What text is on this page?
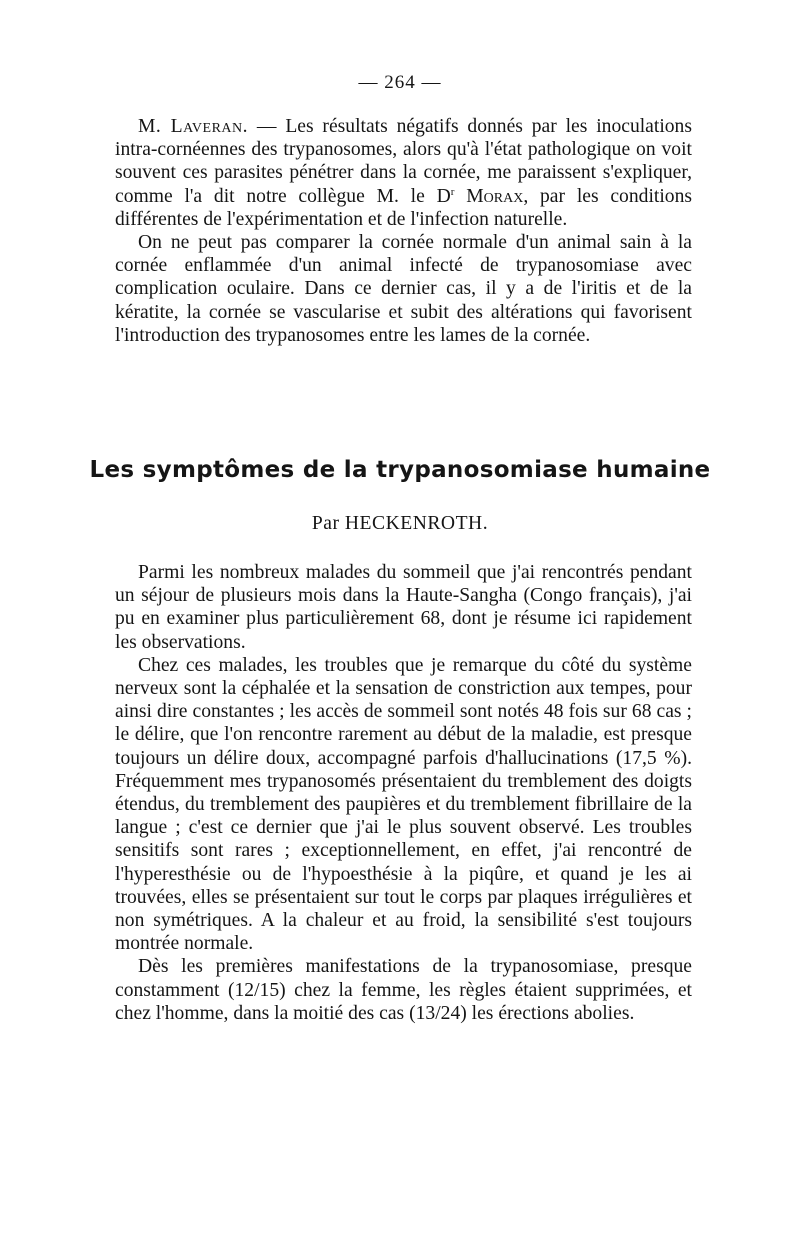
— 264 —

M. Laveran. — Les résultats négatifs donnés par les inoculations intra-cornéennes des trypanosomes, alors qu'à l'état pathologique on voit souvent ces parasites pénétrer dans la cornée, me paraissent s'expliquer, comme l'a dit notre collègue M. le $D^r$ Morax, par les conditions différentes de l'expérimentation et de l'infection naturelle.

On ne peut pas comparer la cornée normale d'un animal sain à la cornée enflammée d'un animal infecté de trypanosomiase avec complication oculaire. Dans ce dernier cas, il y a de l'iritis et de la kératite, la cornée se vascularise et subit des altérations qui favorisent l'introduction des trypanosomes entre les lames de la cornée.

Les symptômes de la trypanosomiase humaine
Par HECKENROTH.

Parmi les nombreux malades du sommeil que j'ai rencontrés pendant un séjour de plusieurs mois dans la Haute-Sangha (Congo français), j'ai pu en examiner plus particulièrement 68, dont je résume ici rapidement les observations.

Chez ces malades, les troubles que je remarque du côté du système nerveux sont la céphalée et la sensation de constriction aux tempes, pour ainsi dire constantes ; les accès de sommeil sont notés 48 fois sur 68 cas ; le délire, que l'on rencontre rarement au début de la maladie, est presque toujours un délire doux, accompagné parfois d'hallucinations (17,5 %). Fréquemment mes trypanosomés présentaient du tremblement des doigts étendus, du tremblement des paupières et du tremblement fibrillaire de la langue ; c'est ce dernier que j'ai le plus souvent observé. Les troubles sensitifs sont rares ; exceptionnellement, en effet, j'ai rencontré de l'hyperesthésie ou de l'hypoesthésie à la piqûre, et quand je les ai trouvées, elles se présentaient sur tout le corps par plaques irrégulières et non symétriques. A la chaleur et au froid, la sensibilité s'est toujours montrée normale.

Dès les premières manifestations de la trypanosomiase, presque constamment (12/15) chez la femme, les règles étaient supprimées, et chez l'homme, dans la moitié des cas (13/24) les érections abolies.
